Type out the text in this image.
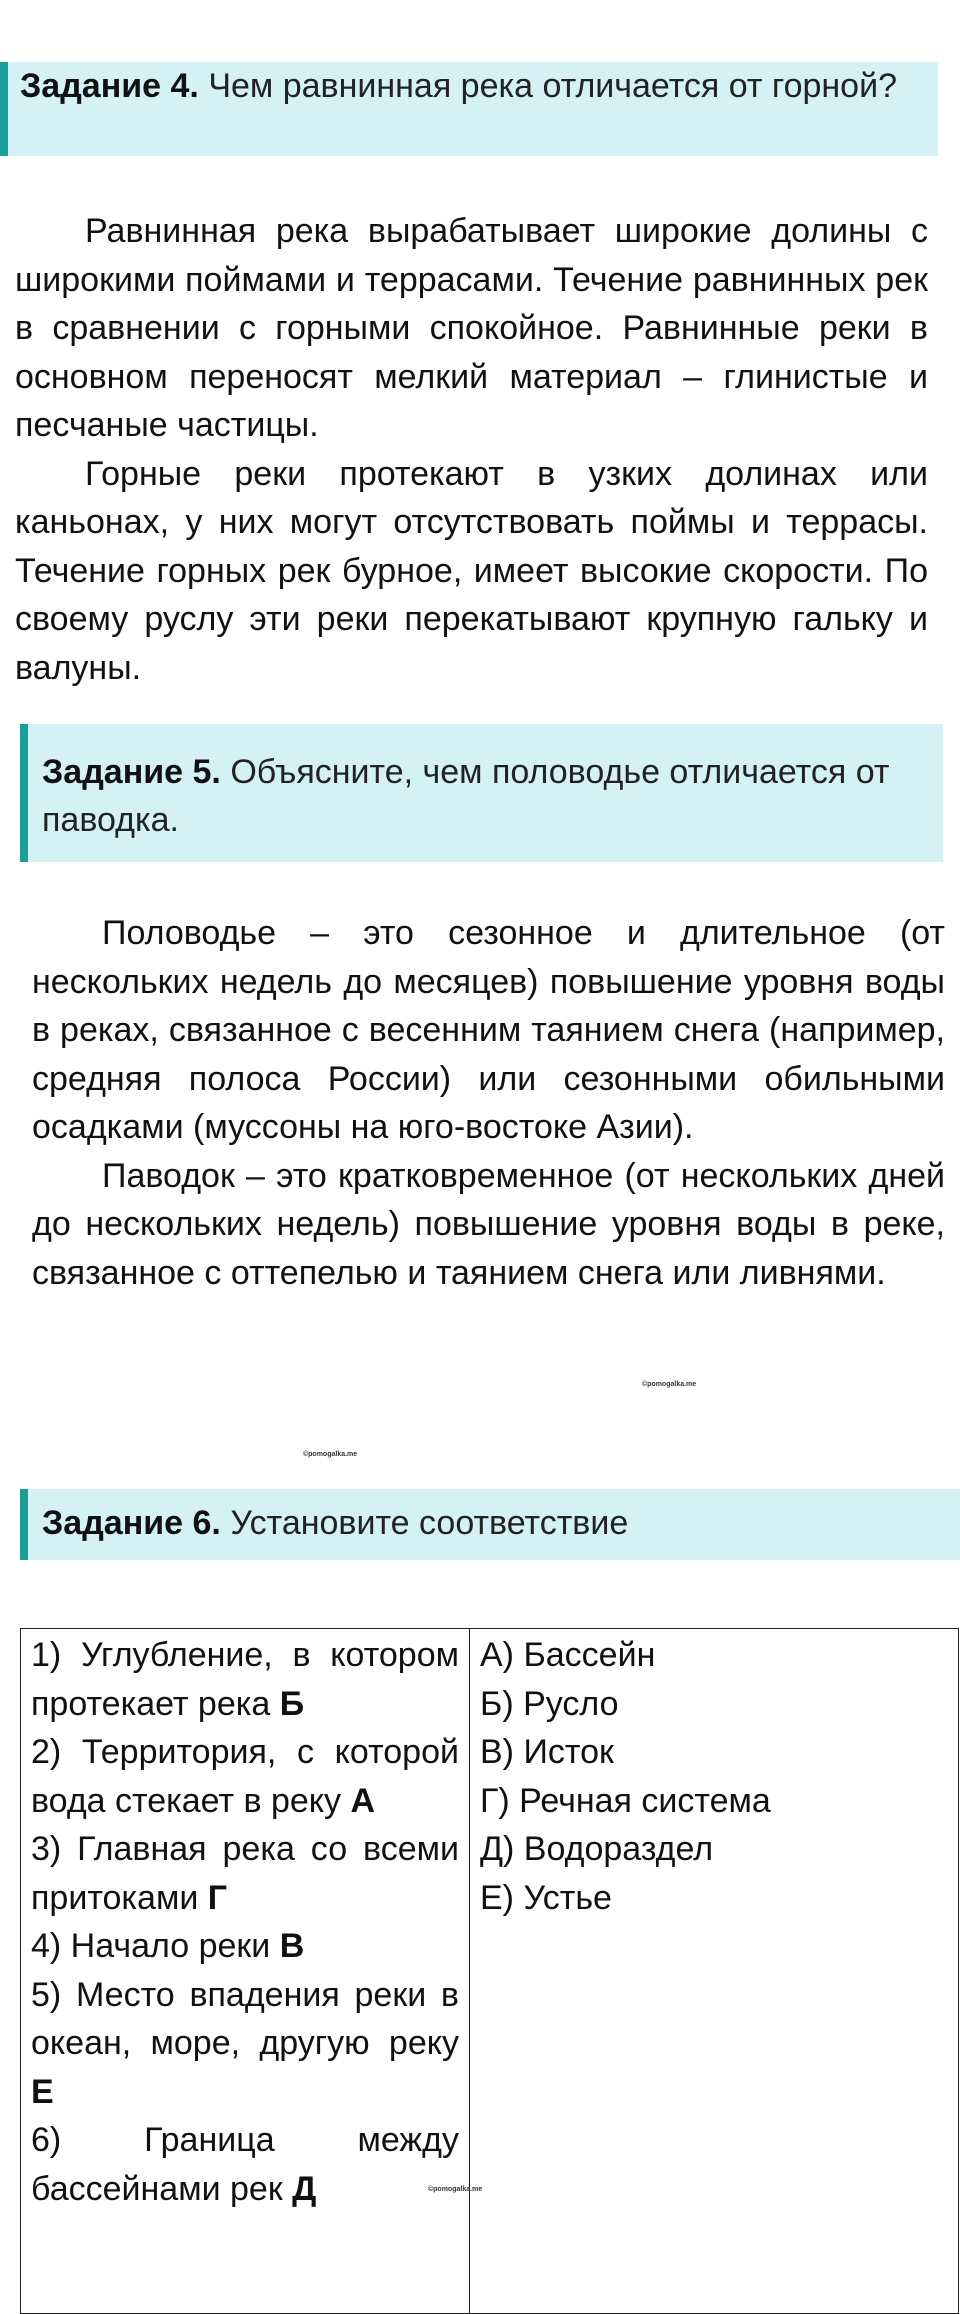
Задание 4. Чем равнинная река отличается от горной?

Равнинная река вырабатывает широкие долины с широкими поймами и террасами. Течение равнинных рек в сравнении с горными спокойное. Равнинные реки в основном переносят мелкий материал – глинистые и песчаные частицы.

Горные реки протекают в узких долинах или каньонах, у них могут отсутствовать поймы и террасы. Течение горных рек бурное, имеет высокие скорости. По своему руслу эти реки перекатывают крупную гальку и валуны.

Задание 5. Объясните, чем половодье отличается от паводка.

Половодье – это сезонное и длительное (от нескольких недель до месяцев) повышение уровня воды в реках, связанное с весенним таянием снега (например, средняя полоса России) или сезонными обильными осадками (муссоны на юго-востоке Азии).

Паводок – это кратковременное (от нескольких дней до нескольких недель) повышение уровня воды в реке, связанное с оттепелью и таянием снега или ливнями.

©pomogalka.me
©pomogalka.me
Задание 6. Установите соответствие
1) Углубление, в котором протекает река Б
2) Территория, с которой вода стекает в реку А
3) Главная река со всеми притоками Г
4) Начало реки В
5) Место впадения реки в океан, море, другую реку Е
6) Граница между бассейнами рек Д

А) Бассейн
Б) Русло
В) Исток
Г) Речная система
Д) Водораздел
Е) Устье
©pomogalka.me
